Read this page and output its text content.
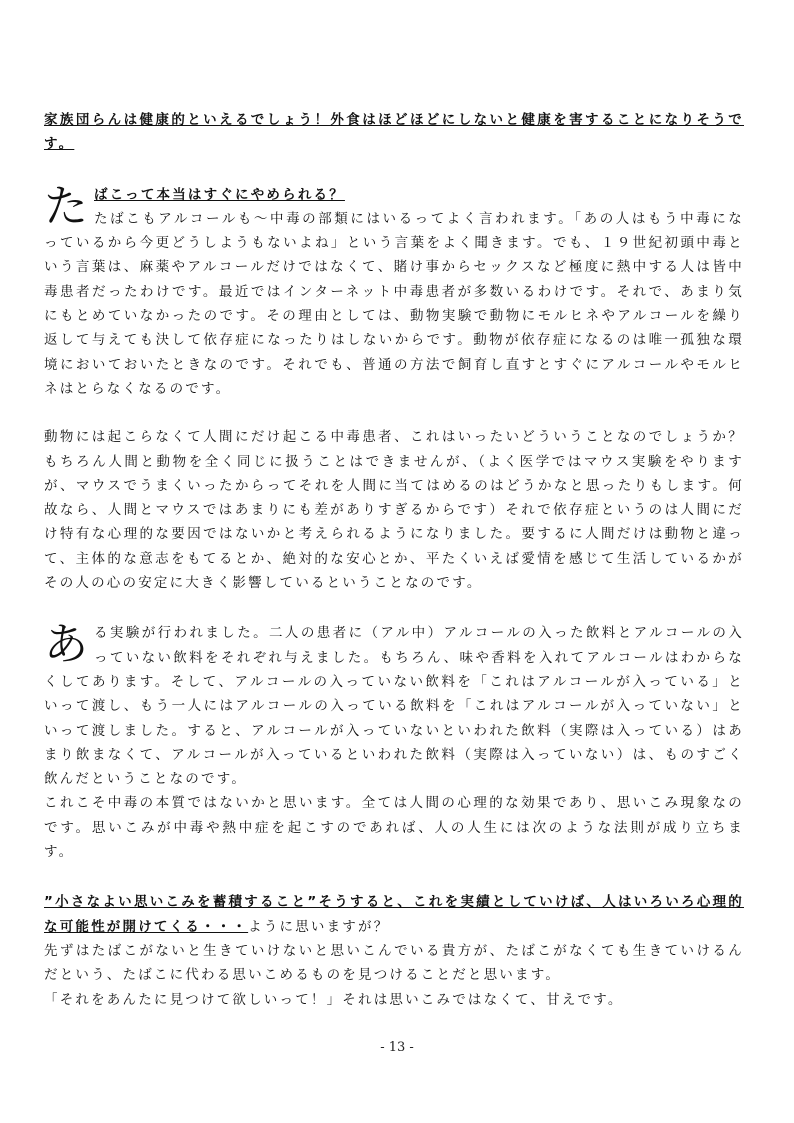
家族団らんは健康的といえるでしょう！外食はほどほどにしないと健康を害することになりそうです。

た ばこって本当はすぐにやめられる？

たばこもアルコールも〜中毒の部類にはいるってよく言われます。「あの人はもう中毒になっているから今更どうしようもないよね」という言葉をよく聞きます。でも、１９世紀初頭中毒という言葉は、麻薬やアルコールだけではなくて、賭け事からセックスなど極度に熱中する人は皆中毒患者だったわけです。最近ではインターネット中毒患者が多数いるわけです。それで、あまり気にもとめていなかったのです。その理由としては、動物実験で動物にモルヒネやアルコールを繰り返して与えても決して依存症になったりはしないからです。動物が依存症になるのは唯一孤独な環境においておいたときなのです。それでも、普通の方法で飼育し直すとすぐにアルコールやモルヒネはとらなくなるのです。

動物には起こらなくて人間にだけ起こる中毒患者、これはいったいどういうことなのでしょうか？もちろん人間と動物を全く同じに扱うことはできませんが、（よく医学ではマウス実験をやりますが、マウスでうまくいったからってそれを人間に当てはめるのはどうかなと思ったりもします。何故なら、人間とマウスではあまりにも差がありすぎるからです）それで依存症というのは人間にだけ特有な心理的な要因ではないかと考えられるようになりました。要するに人間だけは動物と違って、主体的な意志をもてるとか、絶対的な安心とか、平たくいえば愛情を感じて生活しているかがその人の心の安定に大きく影響しているということなのです。

あ る実験が行われました。二人の患者に（アル中）アルコールの入った飲料とアルコールの入っていない飲料をそれぞれ与えました。もちろん、味や香料を入れてアルコールはわからなくしてあります。そして、アルコールの入っていない飲料を「これはアルコールが入っている」といって渡し、もう一人にはアルコールの入っている飲料を「これはアルコールが入っていない」といって渡しました。すると、アルコールが入っていないといわれた飲料（実際は入っている）はあまり飲まなくて、アルコールが入っているといわれた飲料（実際は入っていない）は、ものすごく飲んだということなのです。

これこそ中毒の本質ではないかと思います。全ては人間の心理的な効果であり、思いこみ現象なのです。思いこみが中毒や熱中症を起こすのであれば、人の人生には次のような法則が成り立ちます。

”小さなよい思いこみを蓄積すること”そうすると、これを実績としていけば、人はいろいろ心理的な可能性が開けてくる・・・ように思いますが？

先ずはたばこがないと生きていけないと思いこんでいる貴方が、たばこがなくても生きていけるんだという、たばこに代わる思いこめるものを見つけることだと思います。

「それをあんたに見つけて欲しいって！」それは思いこみではなくて、甘えです。

- 13 -
